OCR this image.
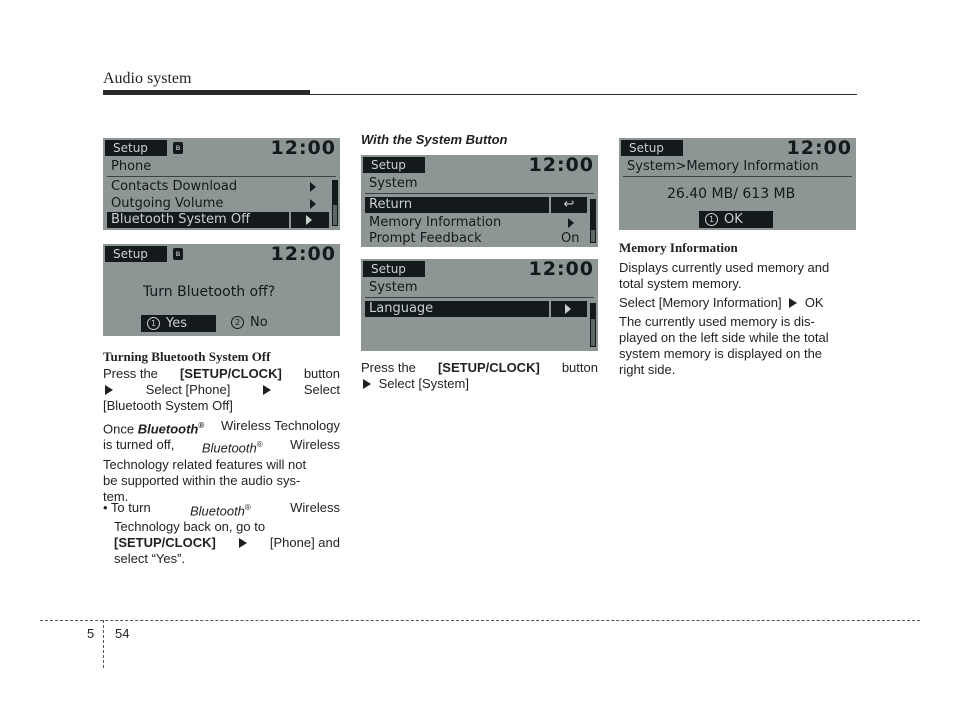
Audio system
Setup	ʙ	12:00
Phone
Contacts Download
Outgoing Volume
Bluetooth System Off
Setup	ʙ	12:00
Turn Bluetooth off?
1 Yes	2 No
Turning Bluetooth System Off
Press the [SETUP/CLOCK] button
Select [Phone]	Select
[Bluetooth System Off]
Once Bluetooth® Wireless Technology
is turned off, Bluetooth® Wireless
Technology related features will not
be supported within the audio sys-
tem.
• To turn	Bluetooth®	Wireless
Technology back on, go to
[SETUP/CLOCK]	[Phone] and
select “Yes”.
With the System Button
Setup	12:00
System
Return	↩
Memory Information
Prompt Feedback	On
Setup	12:00
System
Language
Press the [SETUP/CLOCK] button
Select [System]
Setup	12:00
System>Memory Information
26.40 MB/ 613 MB
1 OK
Memory Information
Displays currently used memory and
total system memory.
Select [Memory Information] OK
The currently used memory is dis-
played on the left side while the total
system memory is displayed on the
right side.
5 54
